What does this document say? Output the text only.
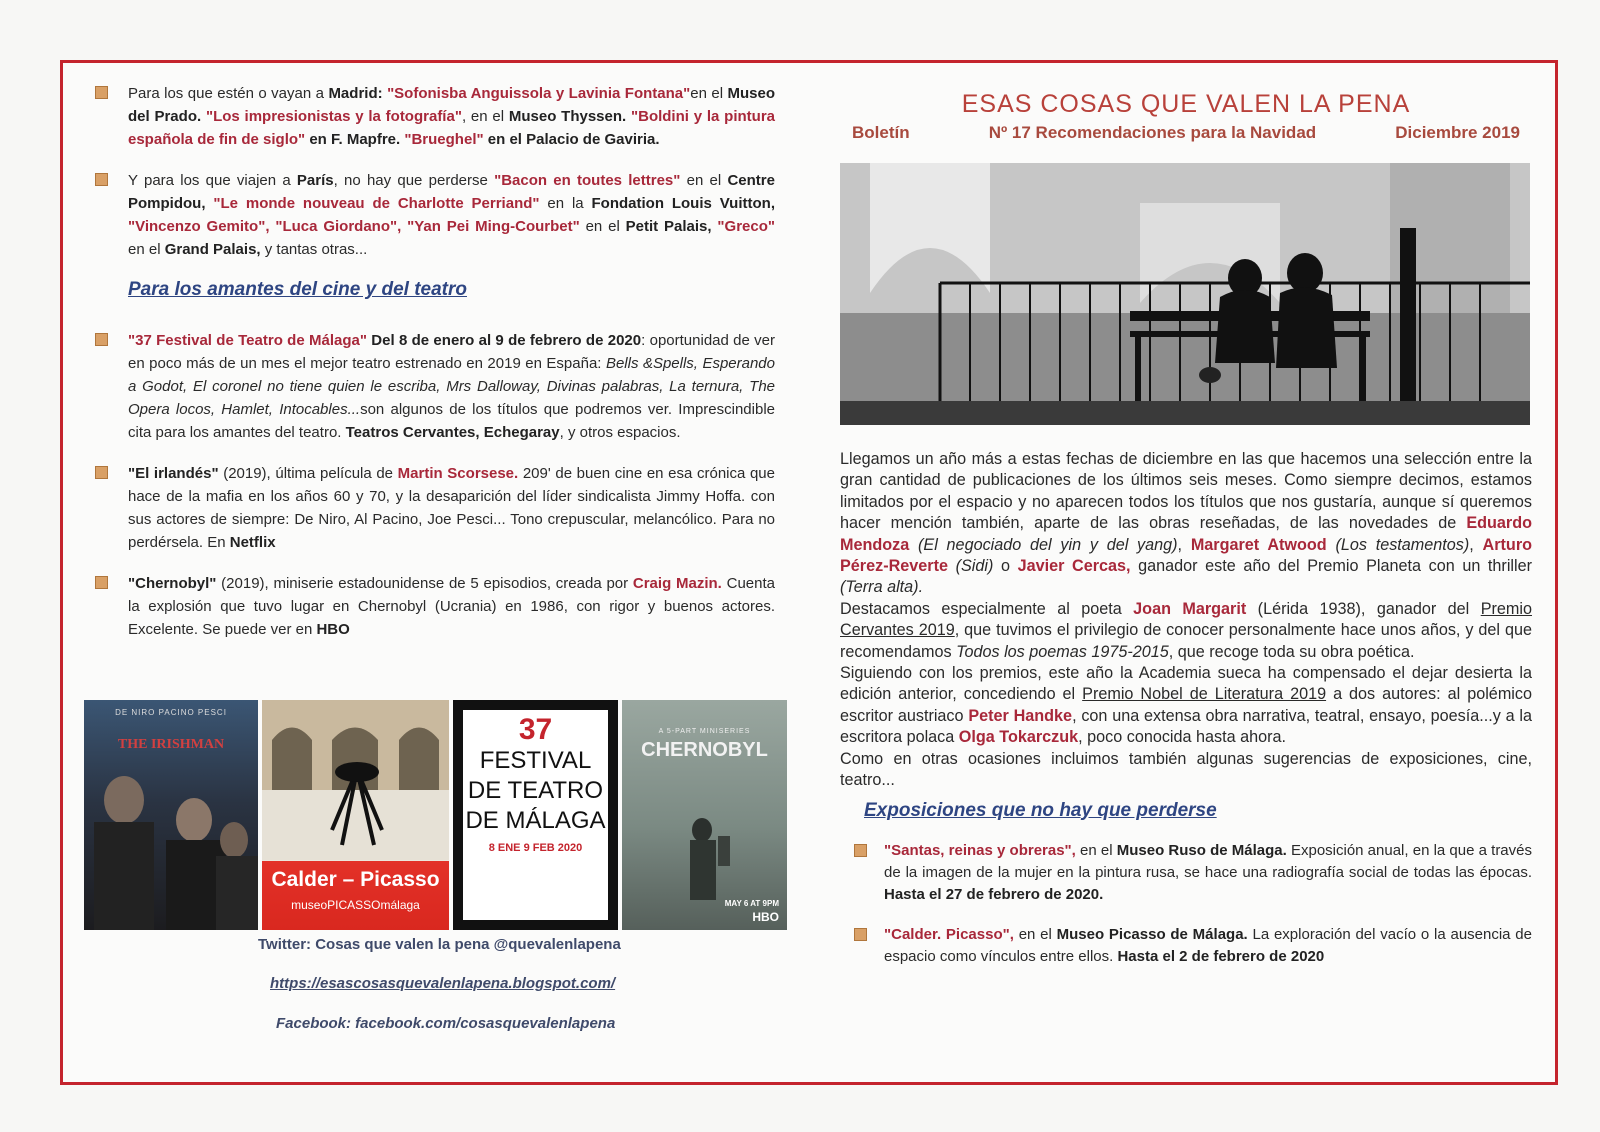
Para los que estén o vayan a Madrid: "Sofonisba Anguissola y Lavinia Fontana"en el Museo del Prado. "Los impresionistas y la fotografía", en el Museo Thyssen. "Boldini y la pintura española de fin de siglo" en F. Mapfre. "Brueghel" en el Palacio de Gaviria.
Y para los que viajen a París, no hay que perderse "Bacon en toutes lettres" en el Centre Pompidou, "Le monde nouveau de Charlotte Perriand" en la Fondation Louis Vuitton, "Vincenzo Gemito", "Luca Giordano", "Yan Pei Ming-Courbet" en el Petit Palais, "Greco" en el Grand Palais, y tantas otras...
Para los amantes del cine y del teatro
"37 Festival de Teatro de Málaga" Del 8 de enero al 9 de febrero de 2020: oportunidad de ver en poco más de un mes el mejor teatro estrenado en 2019 en España: Bells &Spells, Esperando a Godot, El coronel no tiene quien le escriba, Mrs Dalloway, Divinas palabras, La ternura, The Opera locos, Hamlet, Intocables...son algunos de los títulos que podremos ver. Imprescindible cita para los amantes del teatro. Teatros Cervantes, Echegaray, y otros espacios.
"El irlandés" (2019), última película de Martin Scorsese. 209' de buen cine en esa crónica que hace de la mafia en los años 60 y 70, y la desaparición del líder sindicalista Jimmy Hoffa. con sus actores de siempre: De Niro, Al Pacino, Joe Pesci... Tono crepuscular, melancólico. Para no perdérsela. En Netflix
"Chernobyl" (2019), miniserie estadounidense de 5 episodios, creada por Craig Mazin. Cuenta la explosión que tuvo lugar en Chernobyl (Ucrania) en 1986, con rigor y buenos actores. Excelente. Se puede ver en HBO
DE NIRO PACINO PESCI
THE IRISHMAN
Calder – Picasso
museoPICASSOmálaga
37
FESTIVAL
DE TEATRO
DE MÁLAGA
8 ENE 9 FEB 2020
A 5-PART MINISERIES
CHERNOBYL
MAY 6 AT 9PM
HBO
Twitter: Cosas que valen la pena @quevalenlapena
https://esascosasquevalenlapena.blogspot.com/
Facebook: facebook.com/cosasquevalenlapena
ESAS COSAS QUE VALEN LA PENA
Boletín	Nº 17 Recomendaciones para la Navidad	Diciembre 2019
Llegamos un año más a estas fechas de diciembre en las que hacemos una selección entre la gran cantidad de publicaciones de los últimos seis meses. Como siempre decimos, estamos limitados por el espacio y no aparecen todos los títulos que nos gustaría, aunque sí queremos hacer mención también, aparte de las obras reseñadas, de las novedades de Eduardo Mendoza (El negociado del yin y del yang), Margaret Atwood (Los testamentos), Arturo Pérez-Reverte (Sidi) o Javier Cercas, ganador este año del Premio Planeta con un thriller (Terra alta).
Destacamos especialmente al poeta Joan Margarit (Lérida 1938), ganador del Premio Cervantes 2019, que tuvimos el privilegio de conocer personalmente hace unos años, y del que recomendamos Todos los poemas 1975-2015, que recoge toda su obra poética.
Siguiendo con los premios, este año la Academia sueca ha compensado el dejar desierta la edición anterior, concediendo el Premio Nobel de Literatura 2019 a dos autores: al polémico escritor austriaco Peter Handke, con una extensa obra narrativa, teatral, ensayo, poesía...y a la escritora polaca Olga Tokarczuk, poco conocida hasta ahora.
Como en otras ocasiones incluimos también algunas sugerencias de exposiciones, cine, teatro...
Exposiciones que no hay que perderse
"Santas, reinas y obreras", en el Museo Ruso de Málaga. Exposición anual, en la que a través de la imagen de la mujer en la pintura rusa, se hace una radiografía social de todas las épocas. Hasta el 27 de febrero de 2020.
"Calder. Picasso", en el Museo Picasso de Málaga. La exploración del vacío o la ausencia de espacio como vínculos entre ellos. Hasta el 2 de febrero de 2020
